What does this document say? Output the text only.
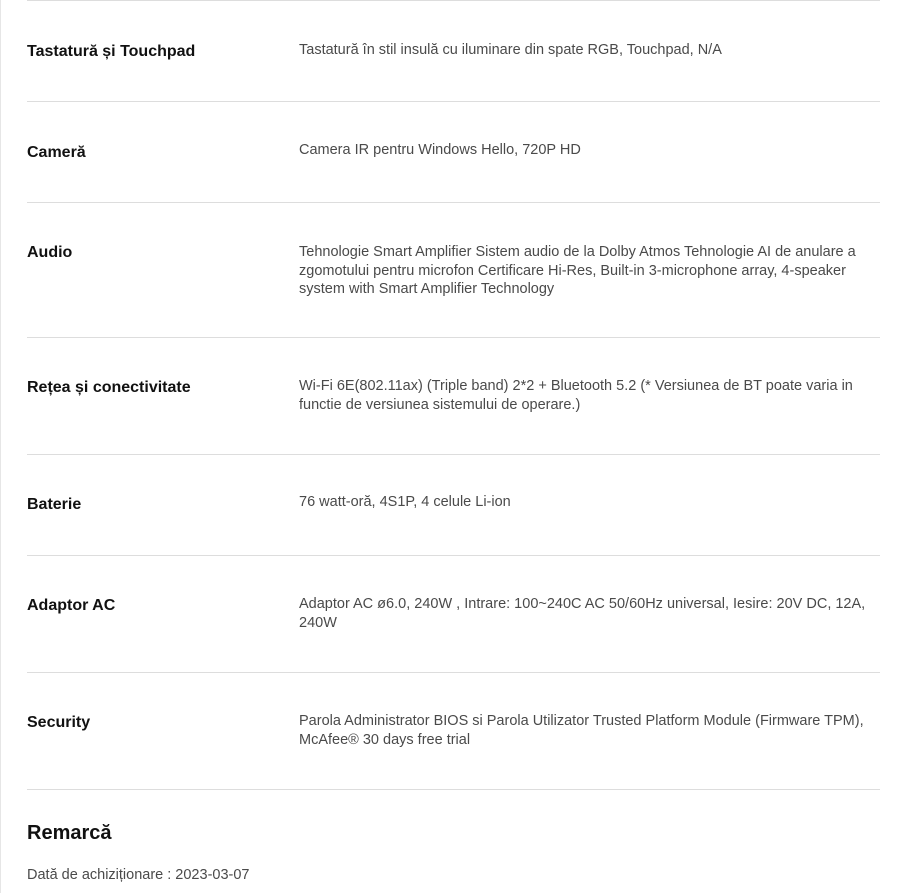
Tastatură și Touchpad	Tastatură în stil insulă cu iluminare din spate RGB, Touchpad, N/A
Cameră	Camera IR pentru Windows Hello, 720P HD
Audio	Tehnologie Smart Amplifier Sistem audio de la Dolby Atmos Tehnologie AI de anulare a zgomotului pentru microfon Certificare Hi-Res, Built-in 3-microphone array, 4-speaker system with Smart Amplifier Technology
Rețea și conectivitate	Wi-Fi 6E(802.11ax) (Triple band) 2*2 + Bluetooth 5.2 (* Versiunea de BT poate varia in functie de versiunea sistemului de operare.)
Baterie	76 watt-oră, 4S1P, 4 celule Li-ion
Adaptor AC	Adaptor AC ø6.0, 240W , Intrare: 100~240C AC 50/60Hz universal, Iesire: 20V DC, 12A, 240W
Security	Parola Administrator BIOS si Parola Utilizator Trusted Platform Module (Firmware TPM), McAfee® 30 days free trial
Remarcă
Dată de achiziționare : 2023-03-07
